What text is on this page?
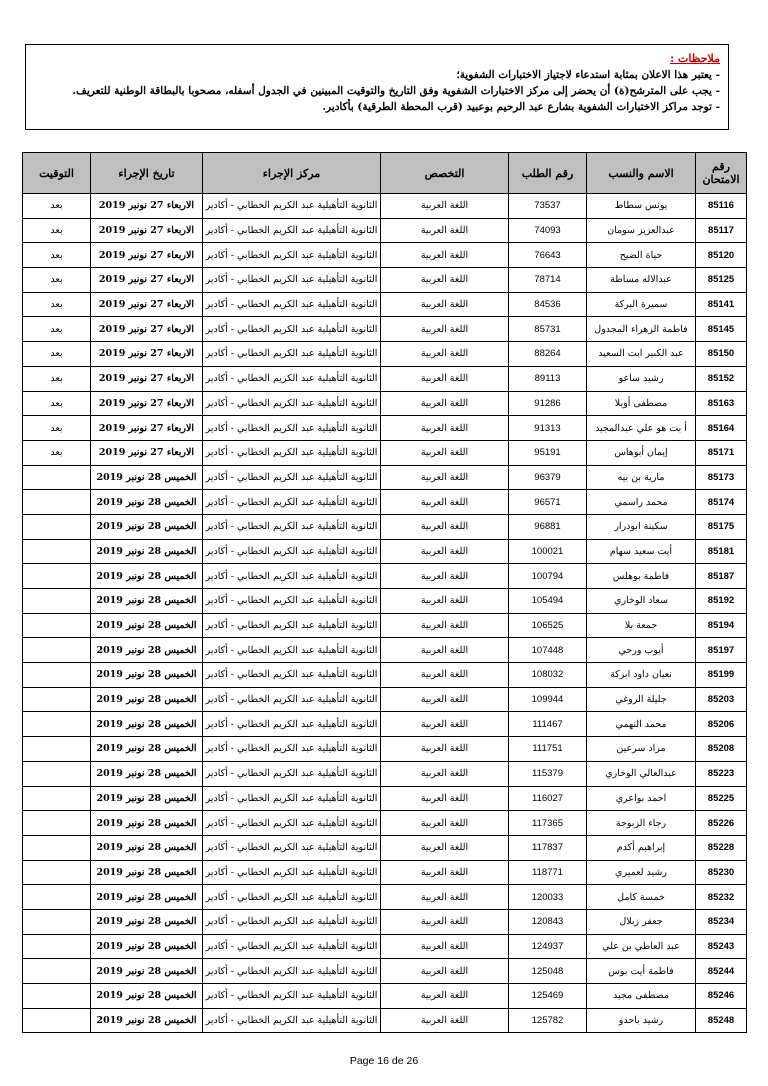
ملاحظات :
- يعتبر هذا الاعلان بمثابة استدعاء لاجتياز الاختبارات الشفوية؛
- يجب على المترشح(ة) أن يحضر إلى مركز الاختبارات الشفوية وفق التاريخ والتوقيت المبينين في الجدول أسفله، مصحوبا بالبطاقة الوطنية للتعريف.
- توجد مراكز الاختبارات الشفوية بشارع عبد الرحيم بوعبيد (قرب المحطة الطرقية) بأكادير.
رقم
الامتحان	الاسم والنسب	رقم الطلب	التخصص	مركز الإجراء	تاريخ الإجراء	التوقيت
85116	يونس سطاط	73537	اللغة العربية	الثانوية التأهيلية عبد الكريم الخطابي - أكادير	الاربعاء 27 نونبر 2019	بعد
85117	عبدالعزيز سومان	74093	اللغة العربية	الثانوية التأهيلية عبد الكريم الخطابي - أكادير	الاربعاء 27 نونبر 2019	بعد
85120	حياة الضيح	76643	اللغة العربية	الثانوية التأهيلية عبد الكريم الخطابي - أكادير	الاربعاء 27 نونبر 2019	بعد
85125	عبدالاله مساطة	78714	اللغة العربية	الثانوية التأهيلية عبد الكريم الخطابي - أكادير	الاربعاء 27 نونبر 2019	بعد
85141	سميرة البركة	84536	اللغة العربية	الثانوية التأهيلية عبد الكريم الخطابي - أكادير	الاربعاء 27 نونبر 2019	بعد
85145	فاطمة الزهراء المجدول	85731	اللغة العربية	الثانوية التأهيلية عبد الكريم الخطابي - أكادير	الاربعاء 27 نونبر 2019	بعد
85150	عبد الكبير ابت السعيد	88264	اللغة العربية	الثانوية التأهيلية عبد الكريم الخطابي - أكادير	الاربعاء 27 نونبر 2019	بعد
85152	رشيد ساعو	89113	اللغة العربية	الثانوية التأهيلية عبد الكريم الخطابي - أكادير	الاربعاء 27 نونبر 2019	بعد
85163	مصطفى أوبلا	91286	اللغة العربية	الثانوية التأهيلية عبد الكريم الخطابي - أكادير	الاربعاء 27 نونبر 2019	بعد
85164	أ بت هو علي عبدالمجيد	91313	اللغة العربية	الثانوية التأهيلية عبد الكريم الخطابي - أكادير	الاربعاء 27 نونبر 2019	بعد
85171	إيمان أبوهاس	95191	اللغة العربية	الثانوية التأهيلية عبد الكريم الخطابي - أكادير	الاربعاء 27 نونبر 2019	بعد
85173	مارية بن بيه	96379	اللغة العربية	الثانوية التأهيلية عبد الكريم الخطابي - أكادير	الخميس 28 نونبر 2019	
85174	محمد راسمي	96571	اللغة العربية	الثانوية التأهيلية عبد الكريم الخطابي - أكادير	الخميس 28 نونبر 2019	
85175	سكينة ابودرار	96881	اللغة العربية	الثانوية التأهيلية عبد الكريم الخطابي - أكادير	الخميس 28 نونبر 2019	
85181	أيت سعيد سهام	100021	اللغة العربية	الثانوية التأهيلية عبد الكريم الخطابي - أكادير	الخميس 28 نونبر 2019	
85187	فاطمة بوهلس	100794	اللغة العربية	الثانوية التأهيلية عبد الكريم الخطابي - أكادير	الخميس 28 نونبر 2019	
85192	سعاد الوخاري	105494	اللغة العربية	الثانوية التأهيلية عبد الكريم الخطابي - أكادير	الخميس 28 نونبر 2019	
85194	جمعة بلا	106525	اللغة العربية	الثانوية التأهيلية عبد الكريم الخطابي - أكادير	الخميس 28 نونبر 2019	
85197	أيوب ورحي	107448	اللغة العربية	الثانوية التأهيلية عبد الكريم الخطابي - أكادير	الخميس 28 نونبر 2019	
85199	نعيان داود ابركة	108032	اللغة العربية	الثانوية التأهيلية عبد الكريم الخطابي - أكادير	الخميس 28 نونبر 2019	
85203	جليلة الروغي	109944	اللغة العربية	الثانوية التأهيلية عبد الكريم الخطابي - أكادير	الخميس 28 نونبر 2019	
85206	محمد النهمي	111467	اللغة العربية	الثانوية التأهيلية عبد الكريم الخطابي - أكادير	الخميس 28 نونبر 2019	
85208	مراد سرعين	111751	اللغة العربية	الثانوية التأهيلية عبد الكريم الخطابي - أكادير	الخميس 28 نونبر 2019	
85223	عبدالعالي الوخاري	115379	اللغة العربية	الثانوية التأهيلية عبد الكريم الخطابي - أكادير	الخميس 28 نونبر 2019	
85225	احمد بواعري	116027	اللغة العربية	الثانوية التأهيلية عبد الكريم الخطابي - أكادير	الخميس 28 نونبر 2019	
85226	رجاء الزبوجة	117365	اللغة العربية	الثانوية التأهيلية عبد الكريم الخطابي - أكادير	الخميس 28 نونبر 2019	
85228	إبراهيم أكدم	117837	اللغة العربية	الثانوية التأهيلية عبد الكريم الخطابي - أكادير	الخميس 28 نونبر 2019	
85230	رشيد لعميري	118771	اللغة العربية	الثانوية التأهيلية عبد الكريم الخطابي - أكادير	الخميس 28 نونبر 2019	
85232	خمسة كامل	120033	اللغة العربية	الثانوية التأهيلية عبد الكريم الخطابي - أكادير	الخميس 28 نونبر 2019	
85234	جعفر زبلال	120843	اللغة العربية	الثانوية التأهيلية عبد الكريم الخطابي - أكادير	الخميس 28 نونبر 2019	
85243	عبد العاطي بن علي	124937	اللغة العربية	الثانوية التأهيلية عبد الكريم الخطابي - أكادير	الخميس 28 نونبر 2019	
85244	فاطمة أيت بوس	125048	اللغة العربية	الثانوية التأهيلية عبد الكريم الخطابي - أكادير	الخميس 28 نونبر 2019	
85246	مصطفى مجيد	125469	اللغة العربية	الثانوية التأهيلية عبد الكريم الخطابي - أكادير	الخميس 28 نونبر 2019	
85248	رشيد باحدو	125782	اللغة العربية	الثانوية التأهيلية عبد الكريم الخطابي - أكادير	الخميس 28 نونبر 2019	
Page 16 de 26
